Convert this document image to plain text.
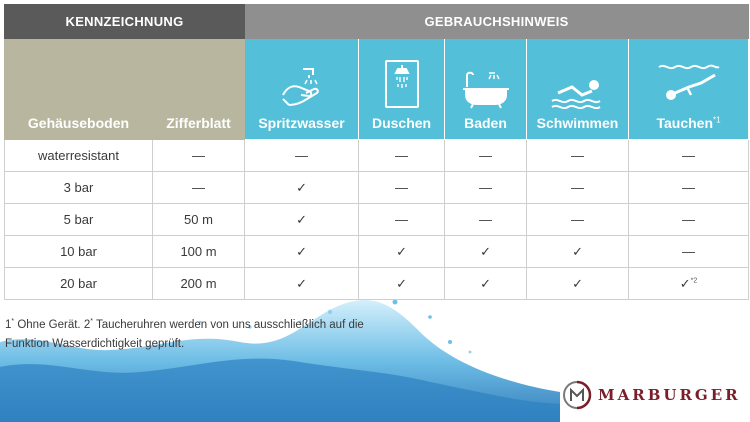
KENNZEICHNUNG		GEBRAUCHSHINWEIS				
Gehäuseboden	Zifferblatt	Spritzwasser	Duschen	Baden	Schwimmen	Tauchen$^{*1}$
waterresistant	—	—	—	—	—	—
3 bar	—	✓	—	—	—	—
5 bar	50 m	✓	—	—	—	—
10 bar	100 m	✓	✓	✓	✓	—
20 bar	200 m	✓	✓	✓	✓	✓$^{*2}$
1* Ohne Gerät. 2* Taucheruhren werden von uns ausschließlich auf die Funktion Wasserdichtigkeit geprüft.
MARBURGER
